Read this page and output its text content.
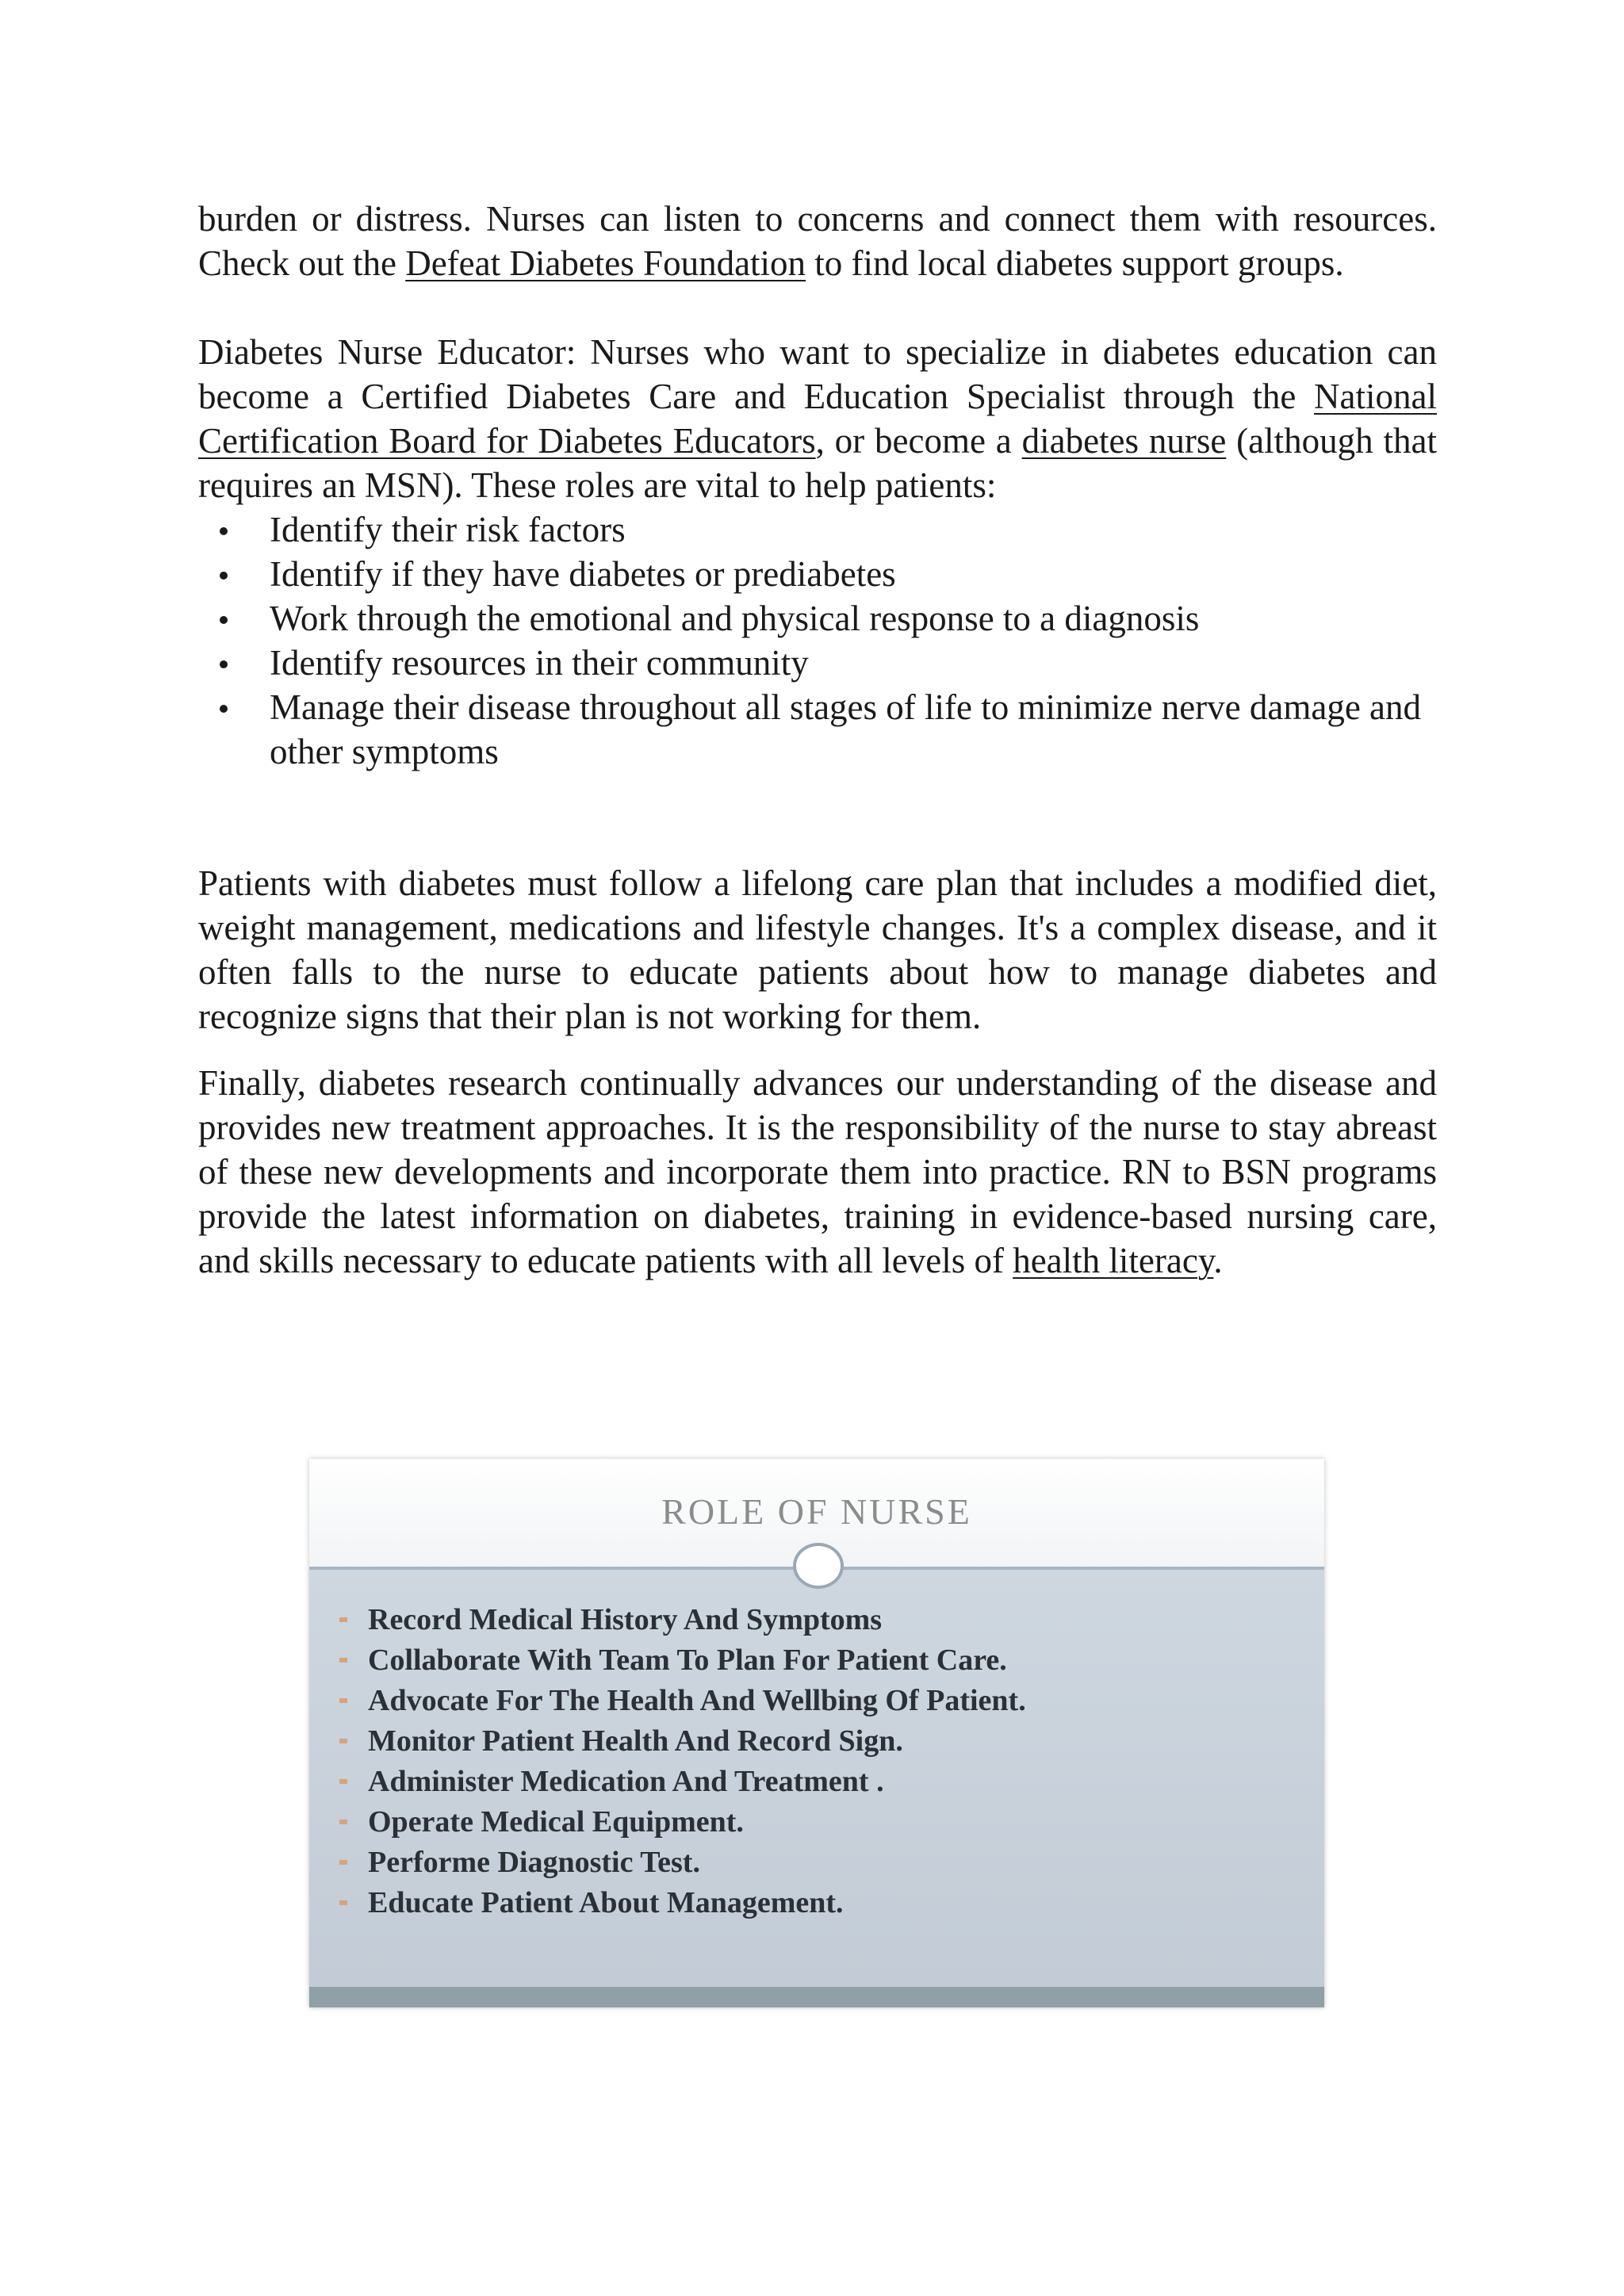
burden or distress. Nurses can listen to concerns and connect them with resources. Check out the Defeat Diabetes Foundation to find local diabetes support groups.

Diabetes Nurse Educator: Nurses who want to specialize in diabetes education can become a Certified Diabetes Care and Education Specialist through the National Certification Board for Diabetes Educators, or become a diabetes nurse (although that requires an MSN). These roles are vital to help patients:

Identify their risk factors
Identify if they have diabetes or prediabetes
Work through the emotional and physical response to a diagnosis
Identify resources in their community
Manage their disease throughout all stages of life to minimize nerve damage and other symptoms

Patients with diabetes must follow a lifelong care plan that includes a modified diet, weight management, medications and lifestyle changes. It's a complex disease, and it often falls to the nurse to educate patients about how to manage diabetes and recognize signs that their plan is not working for them.

Finally, diabetes research continually advances our understanding of the disease and provides new treatment approaches. It is the responsibility of the nurse to stay abreast of these new developments and incorporate them into practice. RN to BSN programs provide the latest information on diabetes, training in evidence-based nursing care, and skills necessary to educate patients with all levels of health literacy.

ROLE OF NURSE
Record Medical History And Symptoms
Collaborate With Team To Plan For Patient Care.
Advocate For The Health And Wellbing Of Patient.
Monitor Patient Health And Record Sign.
Administer Medication And Treatment .
Operate Medical Equipment.
Performe Diagnostic Test.
Educate Patient About Management.
